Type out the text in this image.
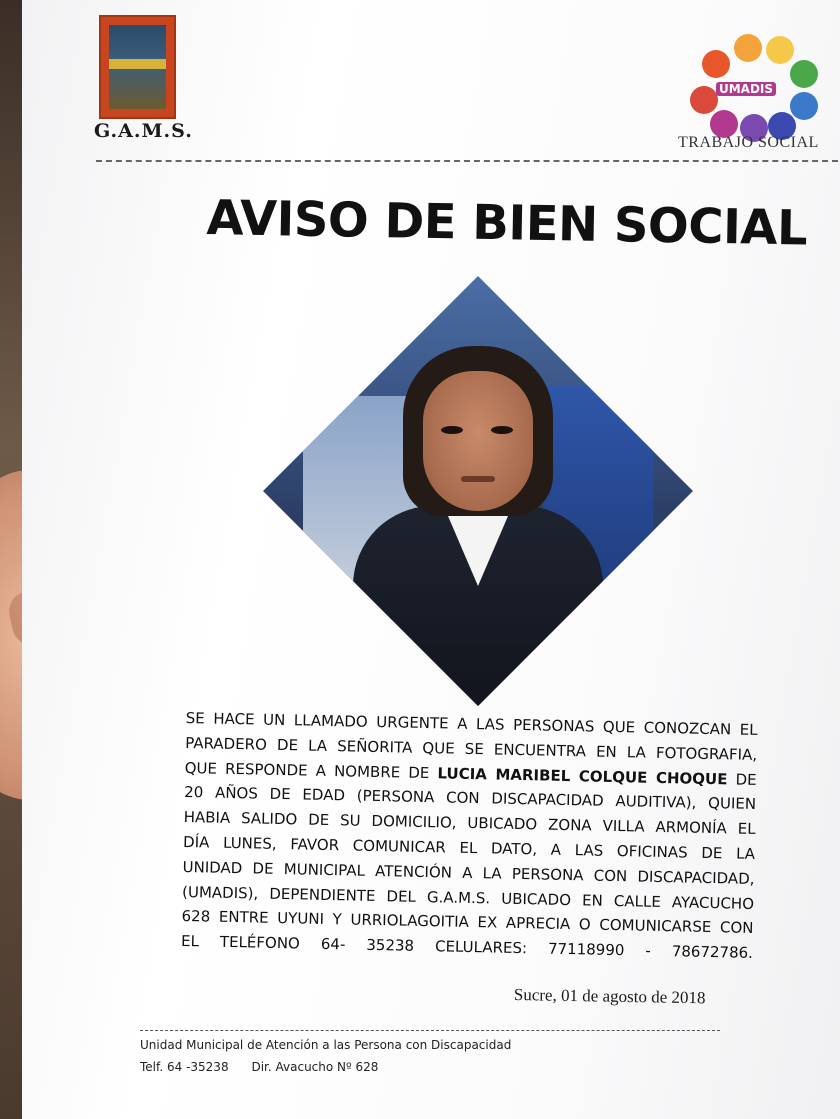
G.A.M.S.
UMADIS
TRABAJO SOCIAL
AVISO DE BIEN SOCIAL
SE HACE UN LLAMADO URGENTE A LAS PERSONAS QUE CONOZCAN EL
PARADERO DE LA SEÑORITA QUE SE ENCUENTRA EN LA FOTOGRAFIA,
QUE RESPONDE A NOMBRE DE LUCIA MARIBEL COLQUE CHOQUE DE
20 AÑOS DE EDAD (PERSONA CON DISCAPACIDAD AUDITIVA), QUIEN
HABIA SALIDO DE SU DOMICILIO, UBICADO ZONA VILLA ARMONÍA EL
DÍA LUNES, FAVOR COMUNICAR EL DATO, A LAS OFICINAS DE LA
UNIDAD DE MUNICIPAL ATENCIÓN A LA PERSONA CON DISCAPACIDAD,
(UMADIS), DEPENDIENTE DEL G.A.M.S. UBICADO EN CALLE AYACUCHO
628 ENTRE UYUNI Y URRIOLAGOITIA EX APRECIA O COMUNICARSE CON
EL TELÉFONO 64- 35238 CELULARES: 77118990 - 78672786.
Sucre, 01 de agosto de 2018
Unidad Municipal de Atención a las Persona con Discapacidad
Telf. 64 -35238 Dir. Avacucho Nº 628
